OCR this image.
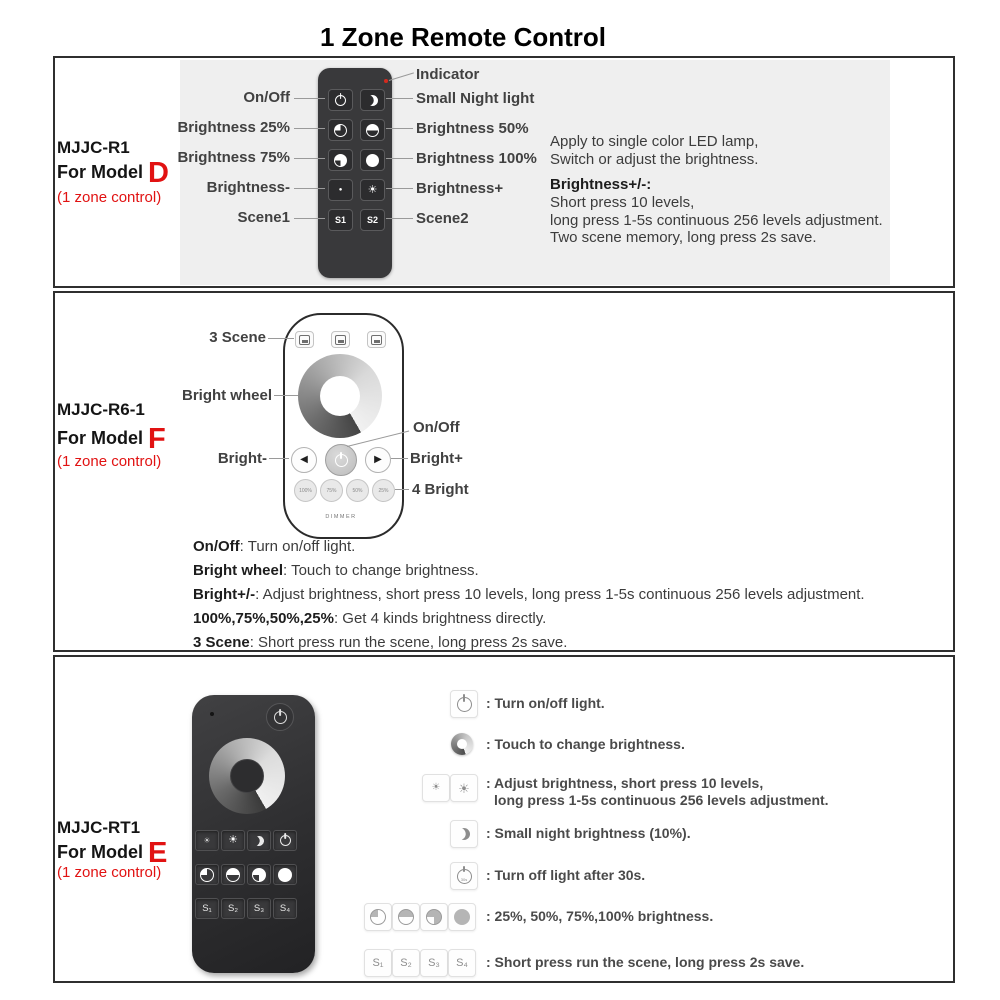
1 Zone Remote Control
MJJC-R1
For Model D
(1 zone control)	● ☀
S1	S2
On/Off
Brightness 25%
Brightness 75%
Brightness-
Scene1
Indicator
Small Night light
Brightness 50%
Brightness 100%
Brightness+
Scene2
Apply to single color LED lamp,
Switch or adjust the brightness.
Brightness+/-:
Short press 10 levels,
long press 1-5s continuous 256 levels adjustment.
Two scene memory, long press 2s save.
MJJC-R6-1
For Model F
(1 zone control)	◀	▶
100%	75%	50%	25%
DIMMER
3 Scene
Bright wheel
On/Off
Bright-	Bright+
4 Bright
On/Off: Turn on/off light.
Bright wheel: Touch to change brightness.
Bright+/-: Adjust brightness, short press 10 levels, long press 1-5s continuous 256 levels adjustment.
100%,75%,50%,25%: Get 4 kinds brightness directly.
3 Scene: Short press run the scene, long press 2s save.
MJJC-RT1
For Model E
(1 zone control)
☀ ☀
S₁	S₂	S₃	S₄
: Turn on/off light.
: Touch to change brightness.
☀ ☀ : Adjust brightness, short press 10 levels,
long press 1-5s continuous 256 levels adjustment.
: Small night brightness (10%).
30s : Turn off light after 30s.
: 25%, 50%, 75%,100% brightness.
S₁	S₂	S₃	S₄	: Short press run the scene, long press 2s save.
